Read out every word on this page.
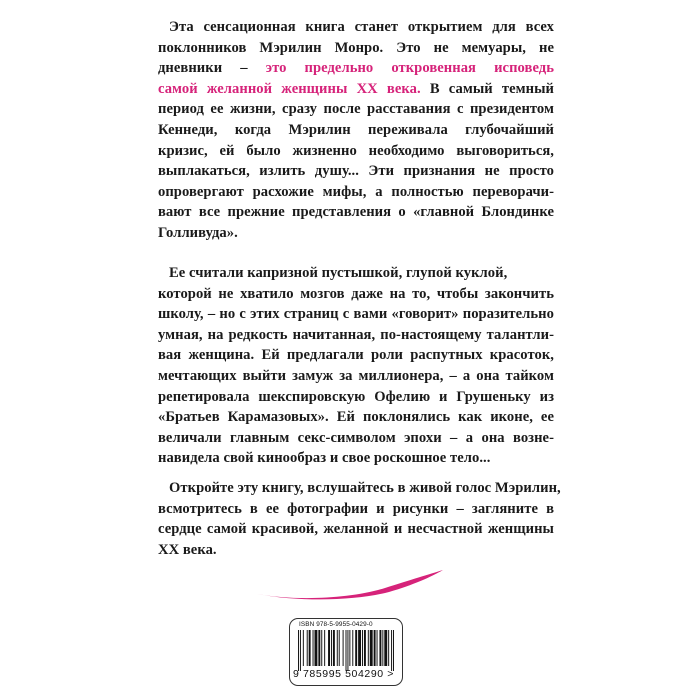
Эта сенсационная книга станет открытием для всех
поклонников Мэрилин Монро. Это не мемуары, не
дневники – это предельно откровенная исповедь
самой желанной женщины XX века. В самый темный
период ее жизни, сразу после расставания с президентом
Кеннеди, когда Мэрилин переживала глубочайший
кризис, ей было жизненно необходимо выговориться,
выплакаться, излить душу... Эти признания не просто
опровергают расхожие мифы, а полностью переворачи-
вают все прежние представления о «главной Блондинке
Голливуда».
Ее считали капризной пустышкой, глупой куклой,
которой не хватило мозгов даже на то, чтобы закончить
школу, – но с этих страниц с вами «говорит» поразительно
умная, на редкость начитанная, по-настоящему талантли-
вая женщина. Ей предлагали роли распутных красоток,
мечтающих выйти замуж за миллионера, – а она тайком
репетировала шекспировскую Офелию и Грушеньку из
«Братьев Карамазовых». Ей поклонялись как иконе, ее
величали главным секс-символом эпохи – а она возне-
навидела свой кинообраз и свое роскошное тело...
Откройте эту книгу, вслушайтесь в живой голос Мэрилин,
всмотритесь в ее фотографии и рисунки – загляните в
сердце самой красивой, желанной и несчастной женщины
XX века.
ISBN 978-5-9955-0429-0
9 785995 504290 >
